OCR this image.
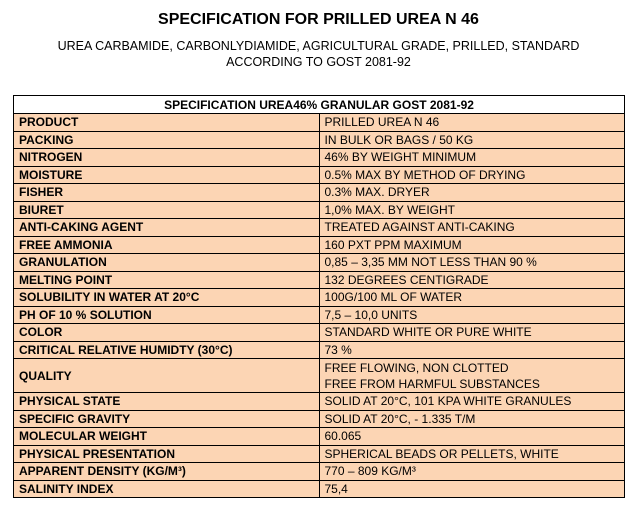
SPECIFICATION FOR PRILLED UREA N 46
UREA CARBAMIDE, CARBONLYDIAMIDE, AGRICULTURAL GRADE, PRILLED, STANDARD
ACCORDING TO GOST 2081-92
SPECIFICATION UREA46% GRANULAR GOST 2081-92	
PRODUCT	PRILLED UREA N 46
PACKING	IN BULK OR BAGS / 50 KG
NITROGEN	46% BY WEIGHT MINIMUM
MOISTURE	0.5% MAX BY METHOD OF DRYING
FISHER	0.3% MAX. DRYER
BIURET	1,0% MAX. BY WEIGHT
ANTI-CAKING AGENT	TREATED AGAINST ANTI-CAKING
FREE AMMONIA	160 PXT PPM MAXIMUM
GRANULATION	0,85 – 3,35 MM NOT LESS THAN 90 %
MELTING POINT	132 DEGREES CENTIGRADE
SOLUBILITY IN WATER AT 20°C	100G/100 ML OF WATER
PH OF 10 % SOLUTION	7,5 – 10,0 UNITS
COLOR	STANDARD WHITE OR PURE WHITE
CRITICAL RELATIVE HUMIDTY (30°C)	73 %
QUALITY	FREE FLOWING, NON CLOTTED
FREE FROM HARMFUL SUBSTANCES

PHYSICAL STATE	SOLID AT 20°C, 101 KPA WHITE GRANULES
SPECIFIC GRAVITY	SOLID AT 20°C, - 1.335 T/M
MOLECULAR WEIGHT	60.065
PHYSICAL PRESENTATION	SPHERICAL BEADS OR PELLETS, WHITE
APPARENT DENSITY (KG/M³)	770 – 809 KG/M³
SALINITY INDEX	75,4
